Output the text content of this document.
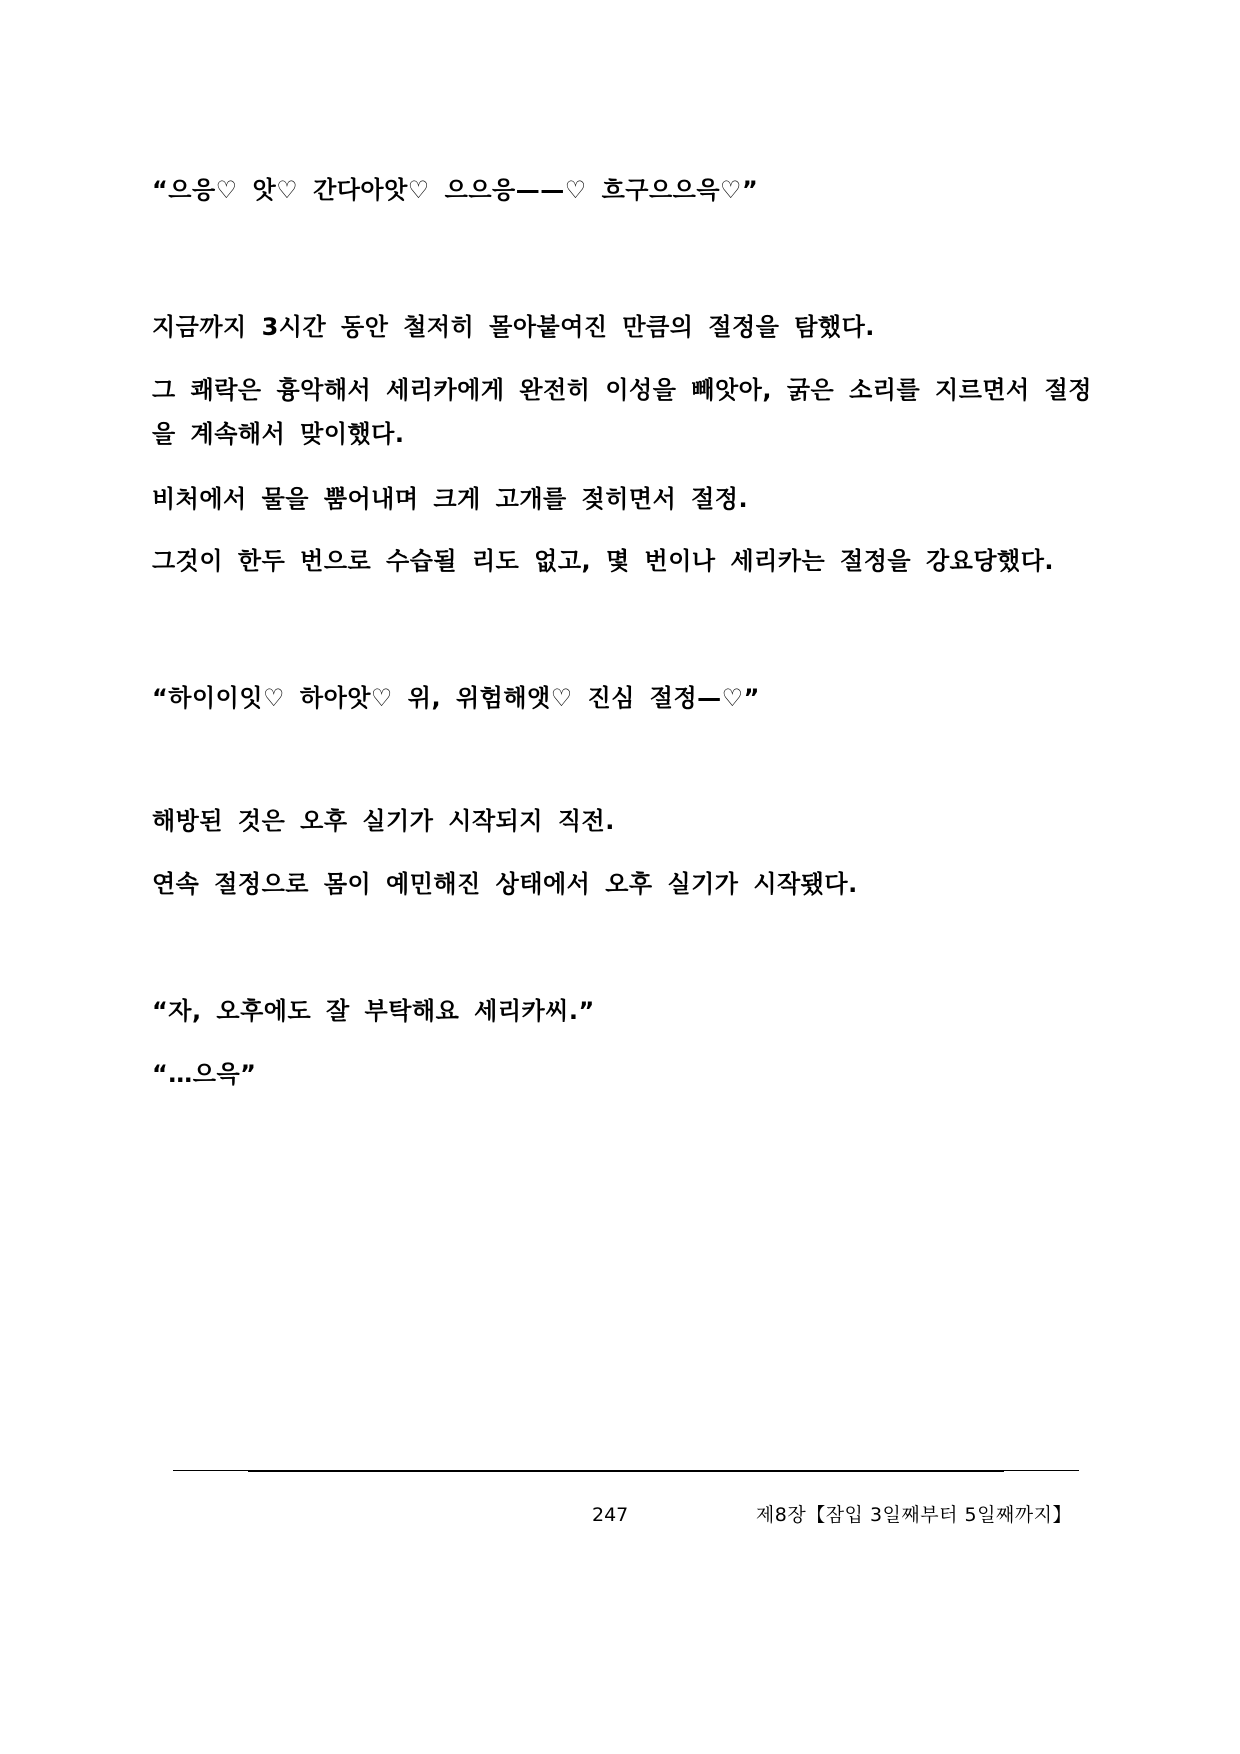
“으응♡ 앗♡ 간다아앗♡ 으으응——♡ 흐구으으윽♡”
지금까지 3시간 동안 철저히 몰아붙여진 만큼의 절정을 탐했다.
그 쾌락은 흉악해서 세리카에게 완전히 이성을 빼앗아, 굵은 소리를 지르면서 절정을 계속해서 맞이했다.
비처에서 물을 뿜어내며 크게 고개를 젖히면서 절정.
그것이 한두 번으로 수습될 리도 없고, 몇 번이나 세리카는 절정을 강요당했다.
“하이이잇♡ 하아앗♡ 위, 위험해앳♡ 진심 절정—♡”
해방된 것은 오후 실기가 시작되지 직전.
연속 절정으로 몸이 예민해진 상태에서 오후 실기가 시작됐다.
“자, 오후에도 잘 부탁해요 세리카씨.”
“…으윽”
247	제8장【잠입 3일째부터 5일째까지】
